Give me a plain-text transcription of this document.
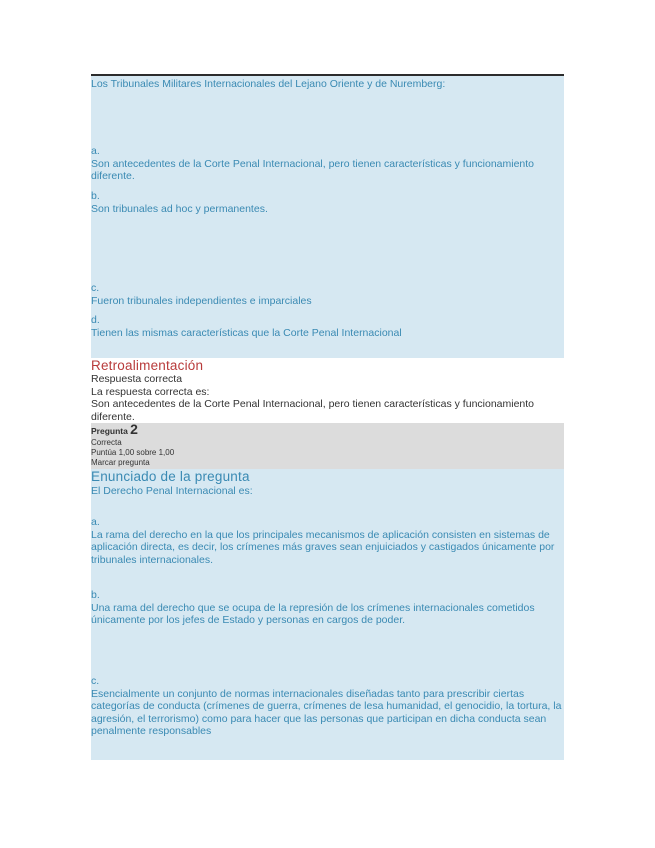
Los Tribunales Militares Internacionales del Lejano Oriente y de Nuremberg:
a.
Son antecedentes de la Corte Penal Internacional, pero tienen características y funcionamiento diferente.
b.
Son tribunales ad hoc y permanentes.
c.
Fueron tribunales independientes e imparciales
d.
Tienen las mismas características que la Corte Penal Internacional
Retroalimentación
Respuesta correcta
La respuesta correcta es:
Son antecedentes de la Corte Penal Internacional, pero tienen características y funcionamiento diferente.
Pregunta 2
Correcta
Puntúa 1,00 sobre 1,00
Marcar pregunta
Enunciado de la pregunta
El Derecho Penal Internacional es:
a.
La rama del derecho en la que los principales mecanismos de aplicación consisten en sistemas de aplicación directa, es decir, los crímenes más graves sean enjuiciados y castigados únicamente por tribunales internacionales.
b.
Una rama del derecho que se ocupa de la represión de los crímenes internacionales cometidos únicamente por los jefes de Estado y personas en cargos de poder.
c.
Esencialmente un conjunto de normas internacionales diseñadas tanto para prescribir ciertas categorías de conducta (crímenes de guerra, crímenes de lesa humanidad, el genocidio, la tortura, la agresión, el terrorismo) como para hacer que las personas que participan en dicha conducta sean penalmente responsables
